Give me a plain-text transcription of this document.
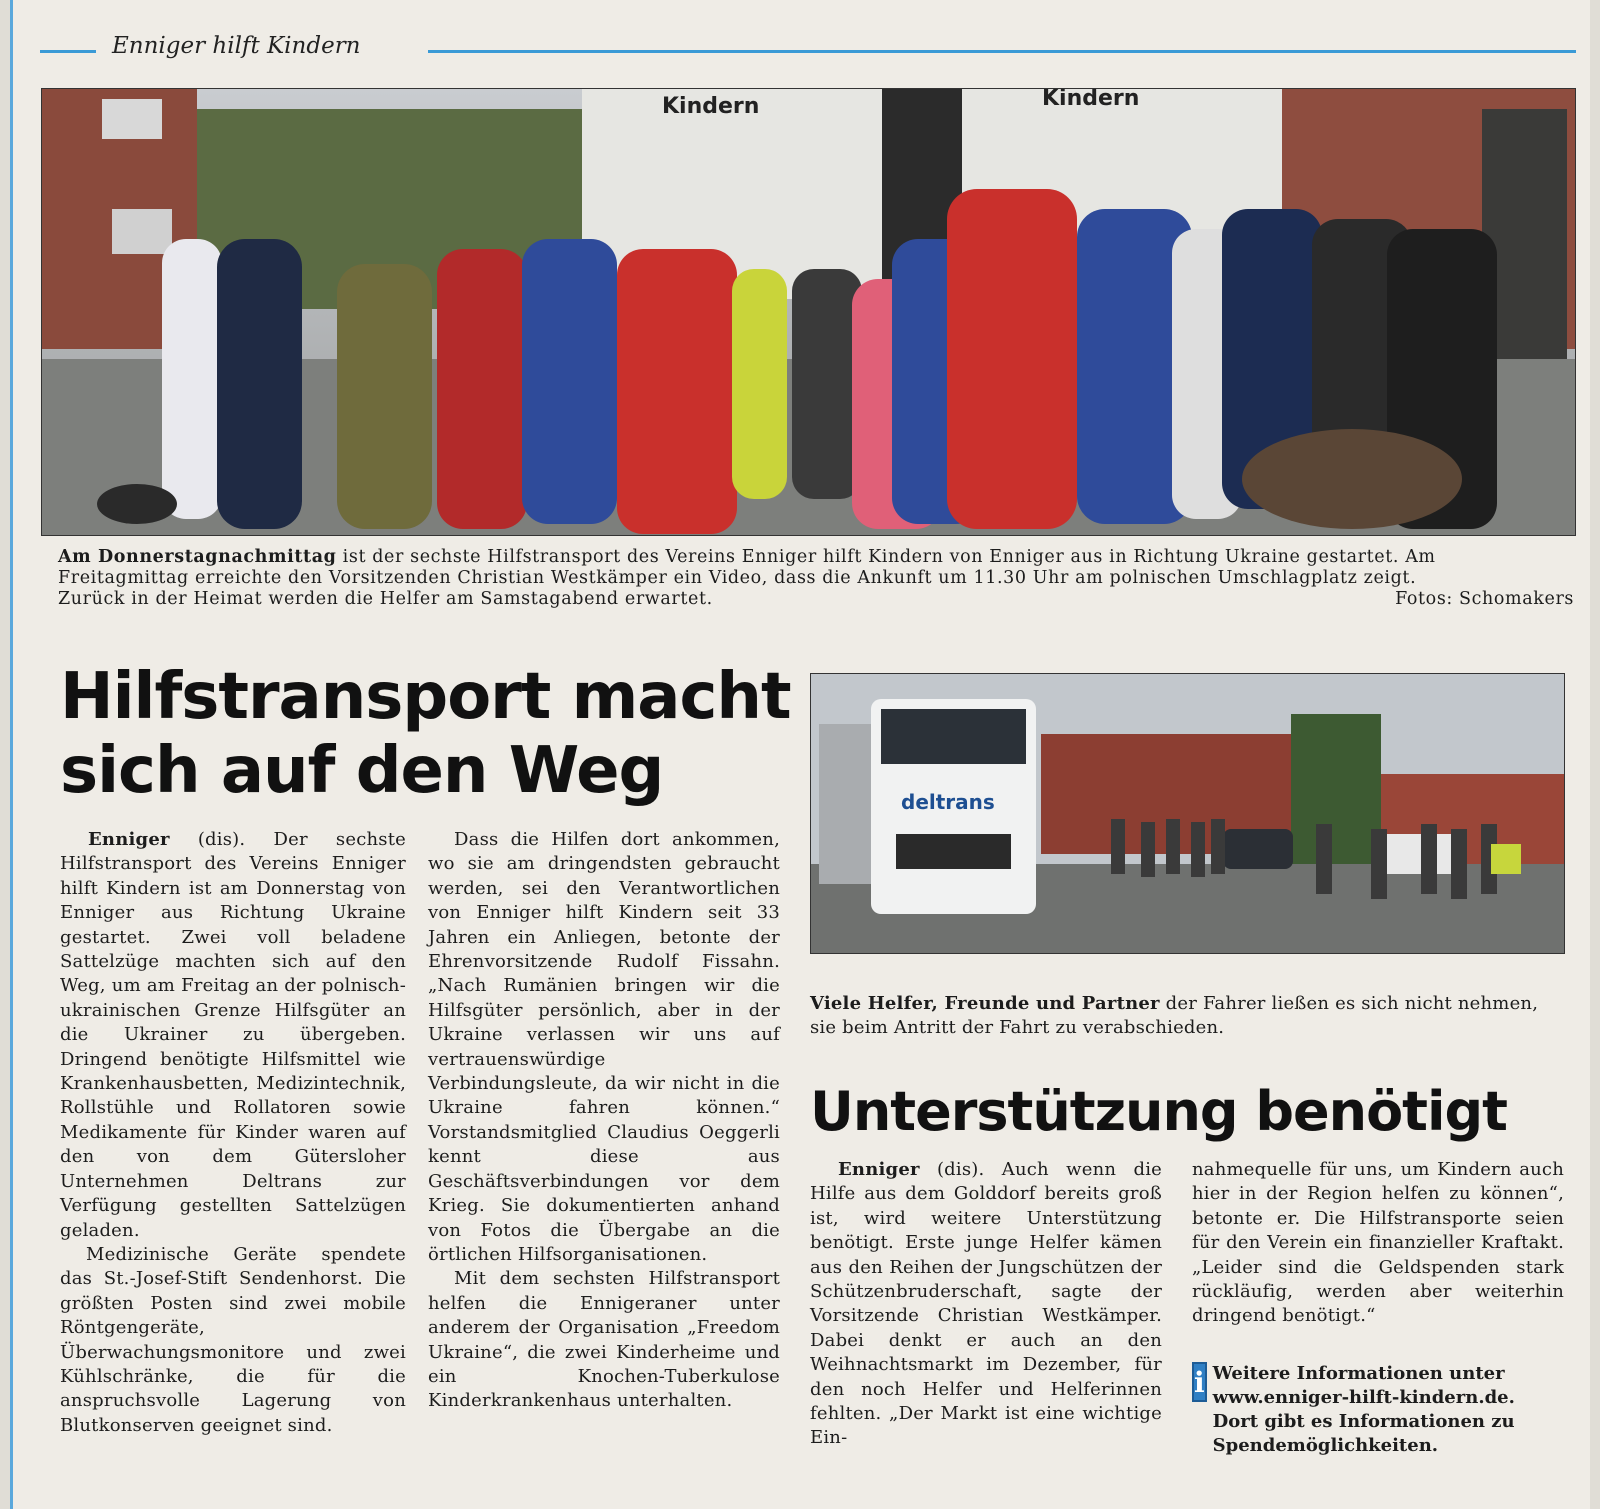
Enniger hilft Kindern
Kindern	Kindern
Am Donnerstagnachmittag ist der sechste Hilfstransport des Vereins Enniger hilft Kindern von Enniger aus in Richtung Ukraine gestartet. Am
Freitagmittag erreichte den Vorsitzenden Christian Westkämper ein Video, dass die Ankunft um 11.30 Uhr am polnischen Umschlagplatz zeigt.
Zurück in der Heimat werden die Helfer am Samstagabend erwartet.	Fotos: Schomakers
Hilfstransport macht
sich auf den Weg

Enniger (dis). Der sechste Hilfstransport des Vereins Enniger hilft Kindern ist am Donnerstag von Enniger aus Richtung Ukraine gestartet. Zwei voll beladene Sattelzüge machten sich auf den Weg, um am Freitag an der polnisch-ukrainischen Grenze Hilfsgüter an die Ukrainer zu übergeben. Dringend benötigte Hilfsmittel wie Krankenhausbetten, Medizintechnik, Rollstühle und Rollatoren sowie Medikamente für Kinder waren auf den von dem Gütersloher Unternehmen Deltrans zur Verfügung gestellten Sattelzügen geladen.

Medizinische Geräte spendete das St.-Josef-Stift Sendenhorst. Die größten Posten sind zwei mobile Röntgengeräte, Überwachungsmonitore und zwei Kühlschränke, die für die anspruchsvolle Lagerung von Blutkonserven geeignet sind.

Dass die Hilfen dort ankommen, wo sie am dringendsten gebraucht werden, sei den Verantwortlichen von Enniger hilft Kindern seit 33 Jahren ein Anliegen, betonte der Ehrenvorsitzende Rudolf Fissahn. „Nach Rumänien bringen wir die Hilfsgüter persönlich, aber in der Ukraine verlassen wir uns auf vertrauenswürdige Verbindungsleute, da wir nicht in die Ukraine fahren können.“ Vorstandsmitglied Claudius Oeggerli kennt diese aus Geschäftsverbindungen vor dem Krieg. Sie dokumentierten anhand von Fotos die Übergabe an die örtlichen Hilfsorganisationen.

Mit dem sechsten Hilfstransport helfen die Ennigeraner unter anderem der Organisation „Freedom Ukraine“, die zwei Kinderheime und ein Knochen-Tuberkulose Kinderkrankenhaus unterhalten.

deltrans
Viele Helfer, Freunde und Partner der Fahrer ließen es sich nicht nehmen, sie beim Antritt der Fahrt zu verabschieden.
Unterstützung benötigt

Enniger (dis). Auch wenn die Hilfe aus dem Golddorf bereits groß ist, wird weitere Unterstützung benötigt. Erste junge Helfer kämen aus den Reihen der Jungschützen der Schützenbruderschaft, sagte der Vorsitzende Christian Westkämper. Dabei denkt er auch an den Weihnachtsmarkt im Dezember, für den noch Helfer und Helferinnen fehlten. „Der Markt ist eine wichtige Ein-

nahmequelle für uns, um Kindern auch hier in der Region helfen zu können“, betonte er. Die Hilfstransporte seien für den Verein ein finanzieller Kraftakt. „Leider sind die Geldspenden stark rückläufig, werden aber weiterhin dringend benötigt.“

i Weitere Informationen unter www.enniger-hilft-kindern.de. Dort gibt es Informationen zu Spendemöglichkeiten.
